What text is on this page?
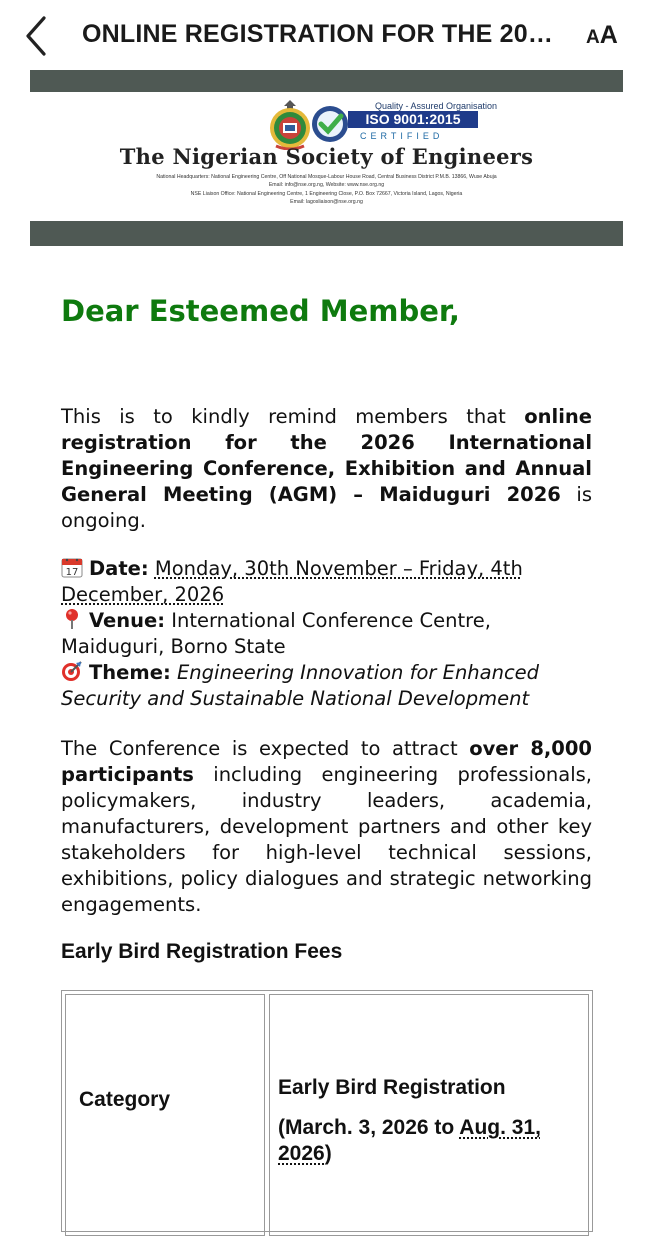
ONLINE REGISTRATION FOR THE 20…	AA
Quality - Assured Organisation
ISO 9001:2015
CERTIFIED
The Nigerian Society of Engineers
National Headquarters: National Engineering Centre, Off National Mosque-Labour House Road, Central Business District P.M.B. 13866, Wuse Abuja
Email: info@nse.org.ng, Website: www.nse.org.ng
NSE Liaison Office: National Engineering Centre, 1 Engineering Close, P.O. Box 72667, Victoria Island, Lagos, Nigeria
Email: lagosliaison@nse.org.ng

Dear Esteemed Member,

This is to kindly remind members that online registration for the 2026 International Engineering Conference, Exhibition and Annual General Meeting (AGM) – Maiduguri 2026 is ongoing.

17 Date: Monday, 30th November – Friday, 4th December, 2026
Venue: International Conference Centre, Maiduguri, Borno State
Theme: Engineering Innovation for Enhanced Security and Sustainable National Development

The Conference is expected to attract over 8,000 participants including engineering professionals, policymakers, industry leaders, academia, manufacturers, development partners and other key stakeholders for high-level technical sessions, exhibitions, policy dialogues and strategic networking engagements.

Early Bird Registration Fees
Category
Early Bird Registration
(March. 3, 2026 to Aug. 31, 2026)
